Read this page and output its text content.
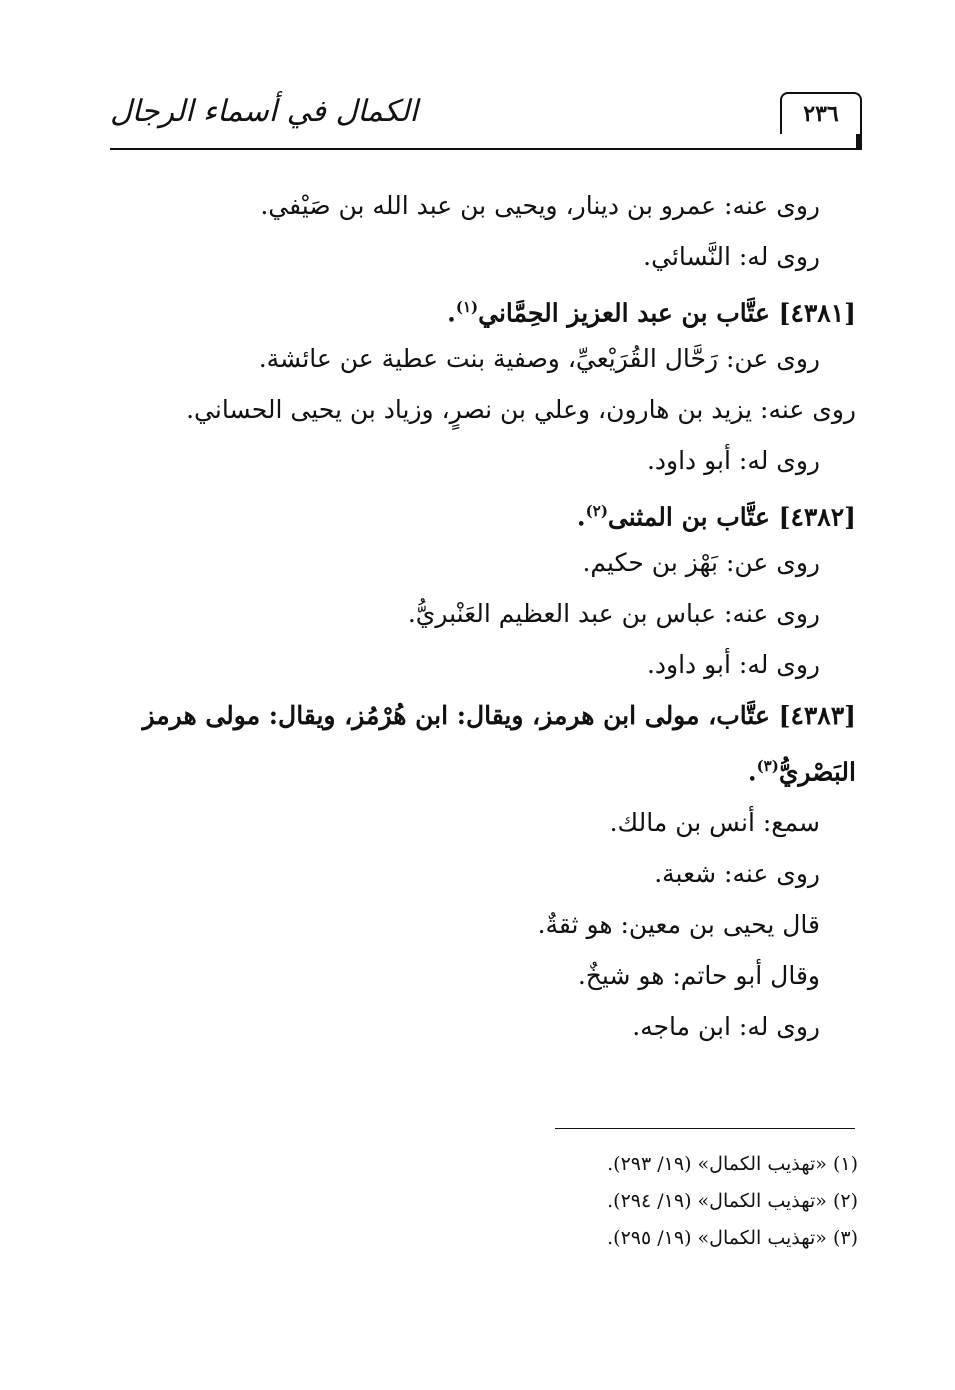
الكمال في أسماء الرجال	٢٣٦
روى عنه: عمرو بن دينار، ويحيى بن عبد الله بن صَيْفي.
روى له: النَّسائي.
[٤٣٨١] عتَّاب بن عبد العزيز الحِمَّاني$^{(١)}$.
روى عن: رَحَّال القُرَيْعيِّ، وصفية بنت عطية عن عائشة.
روى عنه: يزيد بن هارون، وعلي بن نصرٍ، وزياد بن يحيى الحساني.
روى له: أبو داود.
[٤٣٨٢] عتَّاب بن المثنى$^{(٢)}$.
روى عن: بَهْز بن حكيم.
روى عنه: عباس بن عبد العظيم العَنْبريُّ.
روى له: أبو داود.
[٤٣٨٣] عتَّاب، مولى ابن هرمز، ويقال: ابن هُرْمُز، ويقال: مولى هرمز البَصْريُّ$^{(٣)}$.
سمع: أنس بن مالك.
روى عنه: شعبة.
قال يحيى بن معين: هو ثقةٌ.
وقال أبو حاتم: هو شيخٌ.
روى له: ابن ماجه.
(١) «تهذيب الكمال» (١٩/ ٢٩٣).
(٢) «تهذيب الكمال» (١٩/ ٢٩٤).
(٣) «تهذيب الكمال» (١٩/ ٢٩٥).
